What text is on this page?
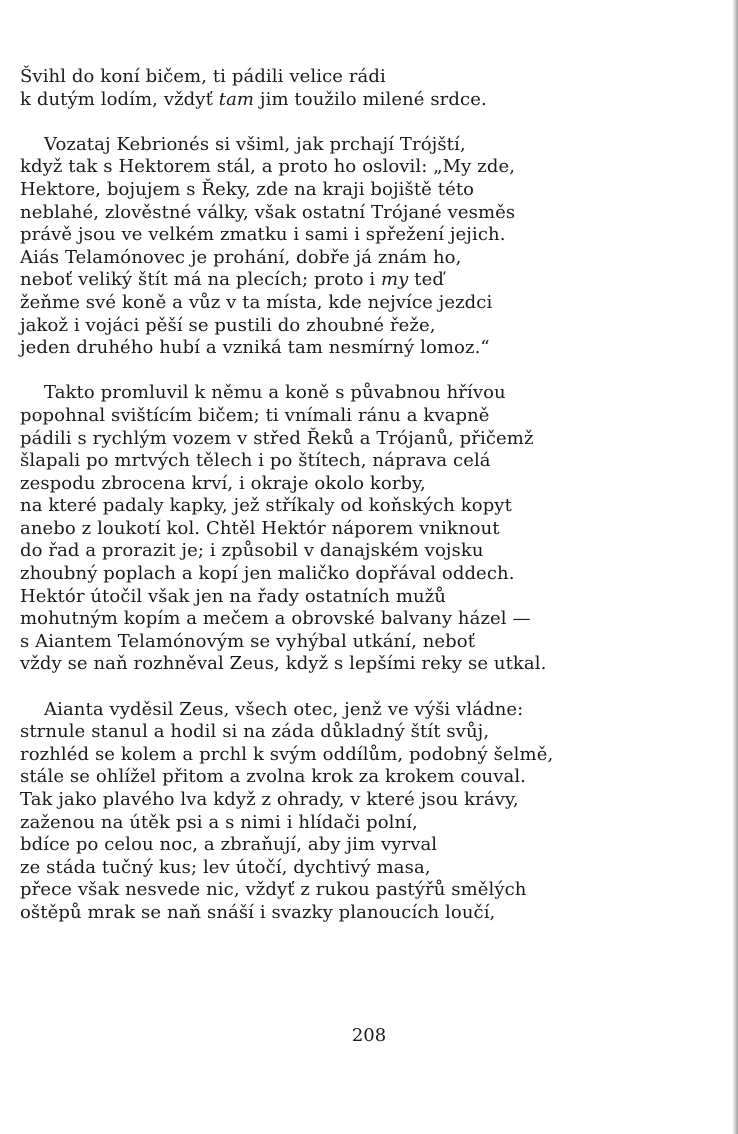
Švihl do koní bičem, ti pádili velice rádi
k dutým lodím, vždyť tam jim toužilo milené srdce.
Vozataj Kebrionés si všiml, jak prchají Trójští,
když tak s Hektorem stál, a proto ho oslovil: „My zde,
Hektore, bojujem s Řeky, zde na kraji bojiště této
neblahé, zlověstné války, však ostatní Trójané vesměs
právě jsou ve velkém zmatku i sami i spřežení jejich.
Aiás Telamónovec je prohání, dobře já znám ho,
neboť veliký štít má na plecích; proto i my teď
žeňme své koně a vůz v ta místa, kde nejvíce jezdci
jakož i vojáci pěší se pustili do zhoubné řeže,
jeden druhého hubí a vzniká tam nesmírný lomoz.“
Takto promluvil k němu a koně s půvabnou hřívou
popohnal svištícím bičem; ti vnímali ránu a kvapně
pádili s rychlým vozem v střed Řeků a Trójanů, přičemž
šlapali po mrtvých tělech i po štítech, náprava celá
zespodu zbrocena krví, i okraje okolo korby,
na které padaly kapky, jež stříkaly od koňských kopyt
anebo z loukotí kol. Chtěl Hektór náporem vniknout
do řad a prorazit je; i způsobil v danajském vojsku
zhoubný poplach a kopí jen maličko dopřával oddech.
Hektór útočil však jen na řady ostatních mužů
mohutným kopím a mečem a obrovské balvany házel —
s Aiantem Telamónovým se vyhýbal utkání, neboť
vždy se naň rozhněval Zeus, když s lepšími reky se utkal.
Aianta vyděsil Zeus, všech otec, jenž ve výši vládne:
strnule stanul a hodil si na záda důkladný štít svůj,
rozhléd se kolem a prchl k svým oddílům, podobný šelmě,
stále se ohlížel přitom a zvolna krok za krokem couval.
Tak jako plavého lva když z ohrady, v které jsou krávy,
zaženou na útěk psi a s nimi i hlídači polní,
bdíce po celou noc, a zbraňují, aby jim vyrval
ze stáda tučný kus; lev útočí, dychtivý masa,
přece však nesvede nic, vždyť z rukou pastýřů smělých
oštěpů mrak se naň snáší i svazky planoucích loučí,
208
